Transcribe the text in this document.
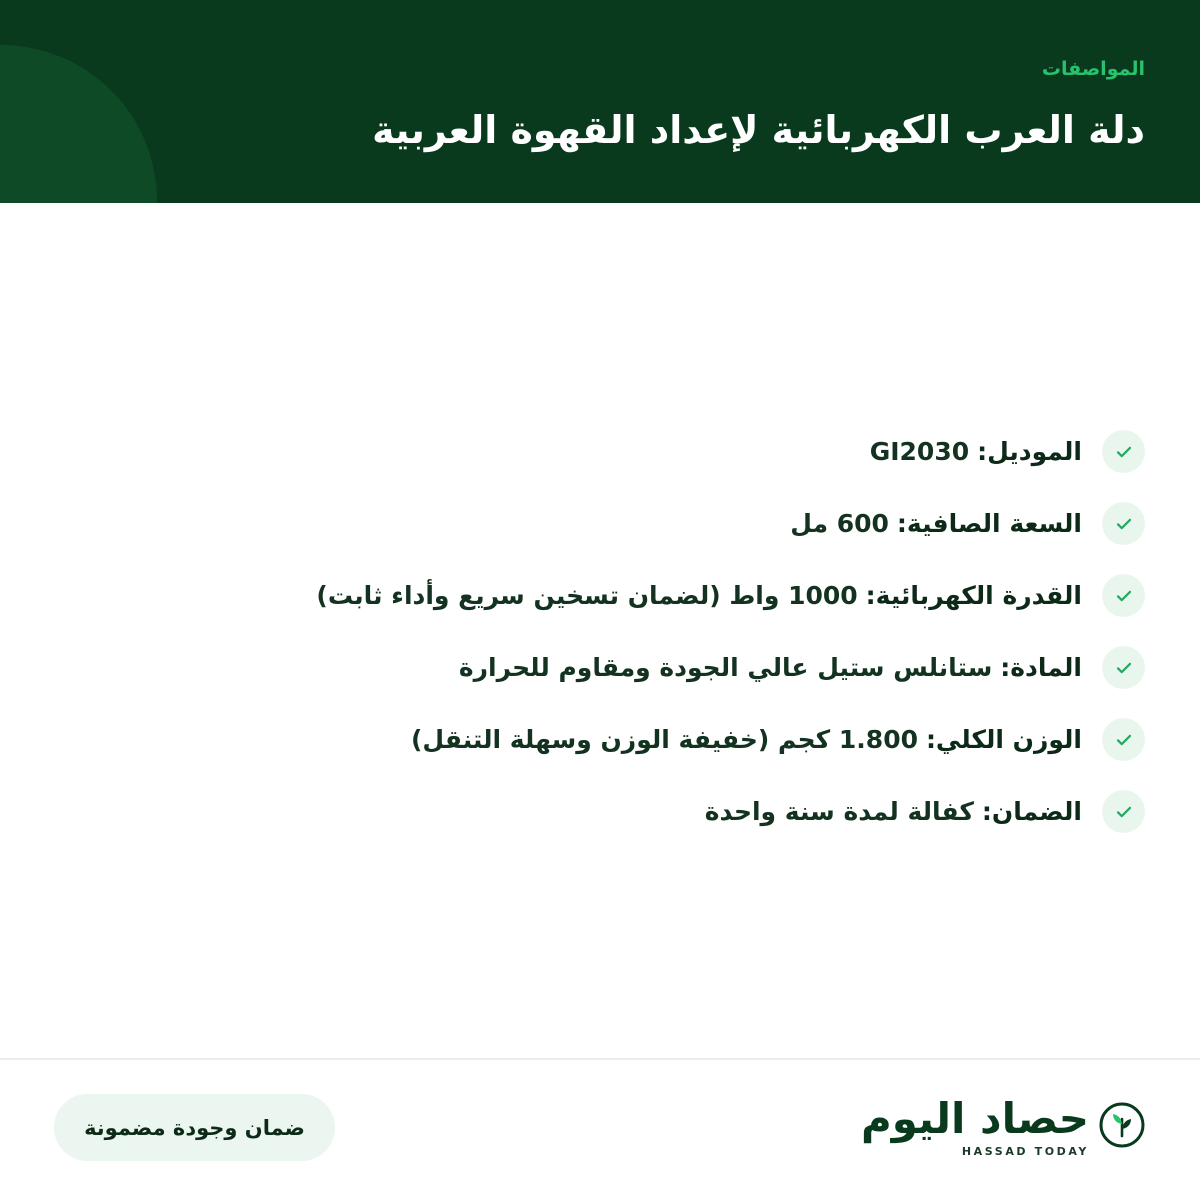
المواصفات
دلة العرب الكهربائية لإعداد القهوة العربية
الموديل: GI2030
السعة الصافية: 600 مل
القدرة الكهربائية: 1000 واط (لضمان تسخين سريع وأداء ثابت)
المادة: ستانلس ستيل عالي الجودة ومقاوم للحرارة
الوزن الكلي: 1.800 كجم (خفيفة الوزن وسهلة التنقل)
الضمان: كفالة لمدة سنة واحدة
ضمان وجودة مضمونة	حصاد اليوم
HASSAD TODAY
